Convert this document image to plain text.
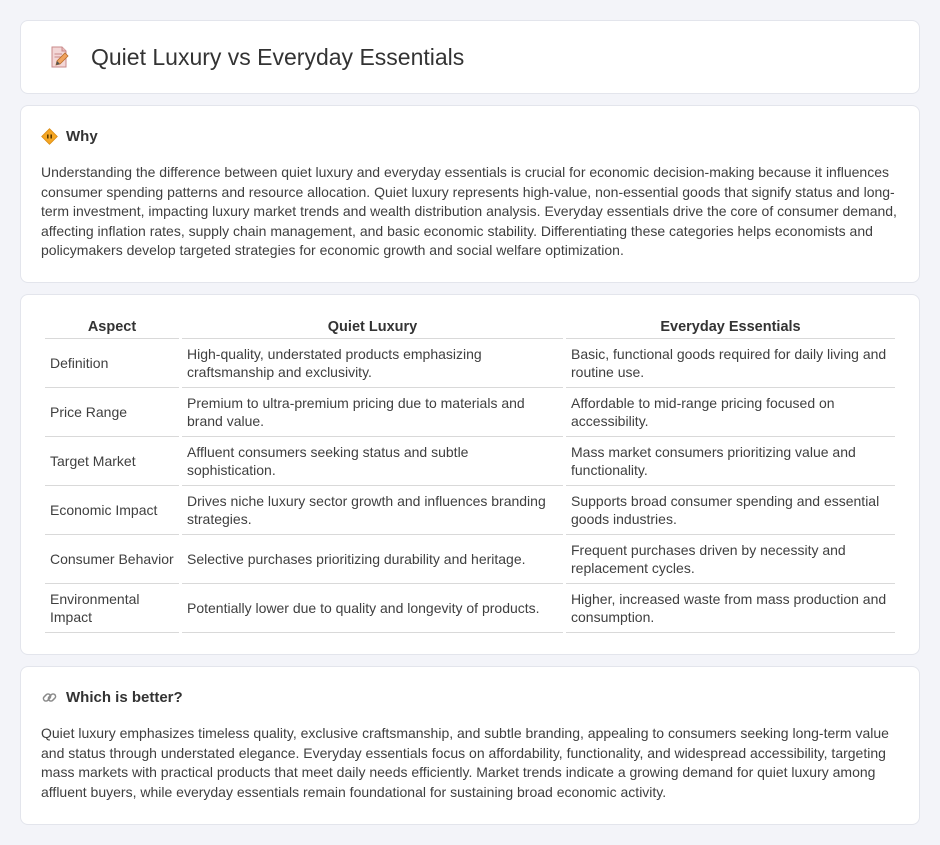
Quiet Luxury vs Everyday Essentials
Why

Understanding the difference between quiet luxury and everyday essentials is crucial for economic decision-making because it influences consumer spending patterns and resource allocation. Quiet luxury represents high-value, non-essential goods that signify status and long-term investment, impacting luxury market trends and wealth distribution analysis. Everyday essentials drive the core of consumer demand, affecting inflation rates, supply chain management, and basic economic stability. Differentiating these categories helps economists and policymakers develop targeted strategies for economic growth and social welfare optimization.

Aspect	Quiet Luxury	Everyday Essentials
Definition	High-quality, understated products emphasizing craftsmanship and exclusivity.	Basic, functional goods required for daily living and routine use.
Price Range	Premium to ultra-premium pricing due to materials and brand value.	Affordable to mid-range pricing focused on accessibility.
Target Market	Affluent consumers seeking status and subtle sophistication.	Mass market consumers prioritizing value and functionality.
Economic Impact	Drives niche luxury sector growth and influences branding strategies.	Supports broad consumer spending and essential goods industries.
Consumer Behavior	Selective purchases prioritizing durability and heritage.	Frequent purchases driven by necessity and replacement cycles.
Environmental Impact	Potentially lower due to quality and longevity of products.	Higher, increased waste from mass production and consumption.
Which is better?

Quiet luxury emphasizes timeless quality, exclusive craftsmanship, and subtle branding, appealing to consumers seeking long-term value and status through understated elegance. Everyday essentials focus on affordability, functionality, and widespread accessibility, targeting mass markets with practical products that meet daily needs efficiently. Market trends indicate a growing demand for quiet luxury among affluent buyers, while everyday essentials remain foundational for sustaining broad economic activity.
